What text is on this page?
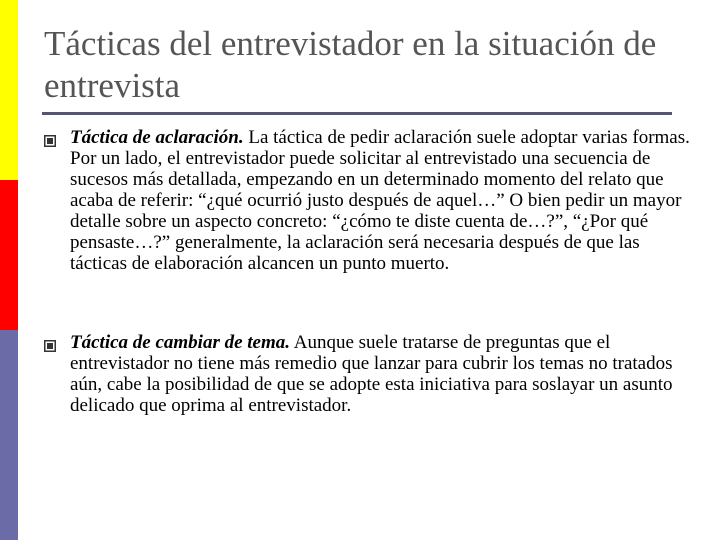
Tácticas del entrevistador en la situación de entrevista

Táctica de aclaración. La táctica de pedir aclaración suele adoptar varias formas. Por un lado, el entrevistador puede solicitar al entrevistado una secuencia de sucesos más detallada, empezando en un determinado momento del relato que acaba de referir: “¿qué ocurrió justo después de aquel…” O bien pedir un mayor detalle sobre un aspecto concreto: “¿cómo te diste cuenta de…?”, “¿Por qué pensaste…?” generalmente, la aclaración será necesaria después de que las tácticas de elaboración alcancen un punto muerto.

Táctica de cambiar de tema. Aunque suele tratarse de preguntas que el entrevistador no tiene más remedio que lanzar para cubrir los temas no tratados aún, cabe la posibilidad de que se adopte esta iniciativa para soslayar un asunto delicado que oprima al entrevistador.
